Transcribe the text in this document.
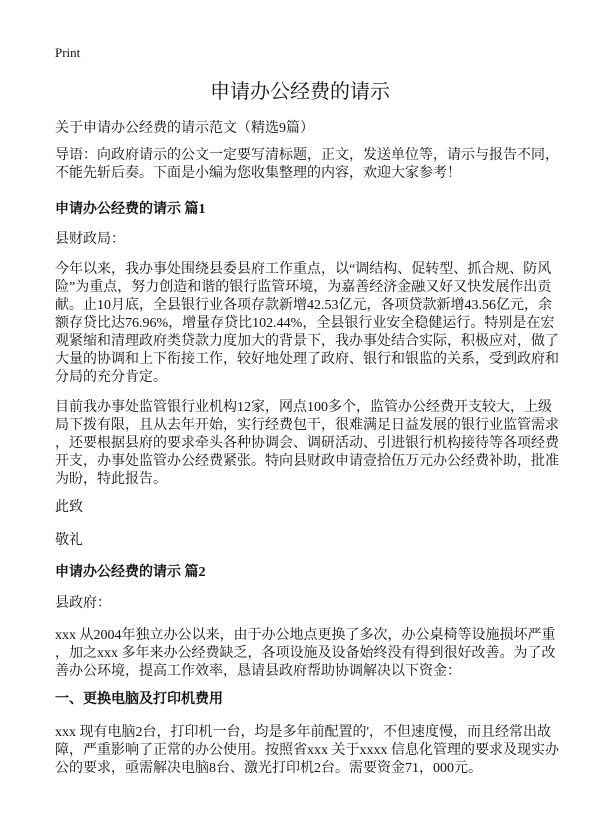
Print
申请办公经费的请示
关于申请办公经费的请示范文（精选9篇）
导语：向政府请示的公文一定要写清标题，正文，发送单位等，请示与报告不同，
不能先斩后奏。下面是小编为您收集整理的内容，欢迎大家参考！
申请办公经费的请示 篇1
县财政局：
今年以来，我办事处围绕县委县府工作重点，以“调结构、促转型、抓合规、防风
险”为重点，努力创造和谐的银行监管环境，为嘉善经济金融又好又快发展作出贡
献。止10月底，全县银行业各项存款新增42.53亿元，各项贷款新增43.56亿元，余
额存贷比达76.96%，增量存贷比102.44%，全县银行业安全稳健运行。特别是在宏
观紧缩和清理政府类贷款力度加大的背景下，我办事处结合实际，积极应对，做了
大量的协调和上下衔接工作，较好地处理了政府、银行和银监的关系，受到政府和
分局的充分肯定。
目前我办事处监管银行业机构12家，网点100多个，监管办公经费开支较大，上级
局下拨有限，且从去年开始，实行经费包干，很难满足日益发展的银行业监管需求
，还要根据县府的要求牵头各种协调会、调研活动、引进银行机构接待等各项经费
开支，办事处监管办公经费紧张。特向县财政申请壹拾伍万元办公经费补助，批准
为盼，特此报告。
此致
敬礼
申请办公经费的请示 篇2
县政府：
xxx 从2004年独立办公以来，由于办公地点更换了多次，办公桌椅等设施损坏严重
，加之xxx 多年来办公经费缺乏，各项设施及设备始终没有得到很好改善。为了改
善办公环境，提高工作效率，恳请县政府帮助协调解决以下资金：
一、更换电脑及打印机费用
xxx 现有电脑2台，打印机一台，均是多年前配置的'，不但速度慢，而且经常出故
障，严重影响了正常的办公使用。按照省xxx 关于xxxx 信息化管理的要求及现实办
公的要求，亟需解决电脑8台、激光打印机2台。需要资金71，000元。
